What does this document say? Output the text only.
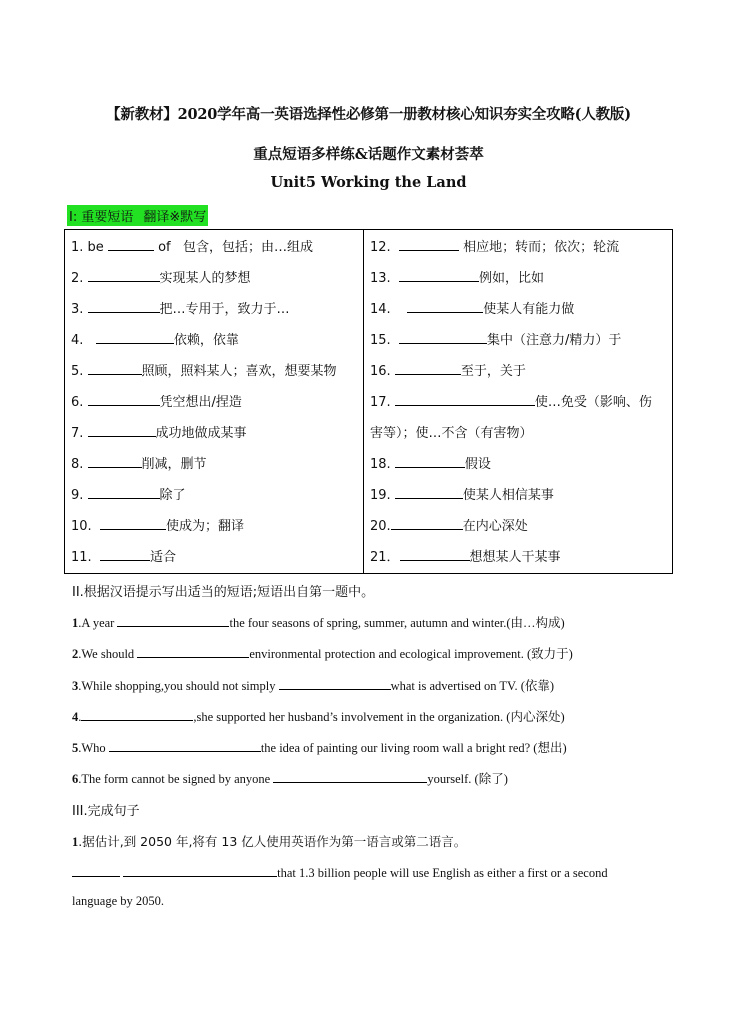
【新教材】2020学年高一英语选择性必修第一册教材核心知识夯实全攻略(人教版)
重点短语多样练&话题作文素材荟萃
Unit5 Working the Land
I: 重要短语 翻译※默写
1. be	of 包含，包括；由…组成
2.	实现某人的梦想
3.	把…专用于，致力于…
4.	依赖，依靠
5.	照顾，照料某人；喜欢，想要某物
6.	凭空想出/捏造
7.	成功地做成某事
8.	削减，删节
9.	除了
10.	使成为；翻译
11.	适合

12.	相应地；转而；依次；轮流
13.	例如，比如
14.	使某人有能力做
15.	集中（注意力/精力）于
16.	至于，关于
17.	使…免受（影响、伤
害等）；使…不含（有害物）
18.	假设
19.	使某人相信某事
20.	在内心深处
21．	想想某人干某事
II.根据汉语提示写出适当的短语;短语出自第一题中。
1.A year	the four seasons of spring, summer, autumn and winter.(由…构成)
2.We should	environmental protection and ecological improvement. (致力于)
3.While shopping,you should not simply	what is advertised on TV. (依靠)
4.	,she supported her husband’s involvement in the organization. (内心深处)
5.Who	the idea of painting our living room wall a bright red? (想出)
6.The form cannot be signed by anyone	yourself. (除了)
III.完成句子
1.据估计,到 2050 年,将有 13 亿人使用英语作为第一语言或第二语言。
that 1.3 billion people will use English as either a first or a second
language by 2050.
